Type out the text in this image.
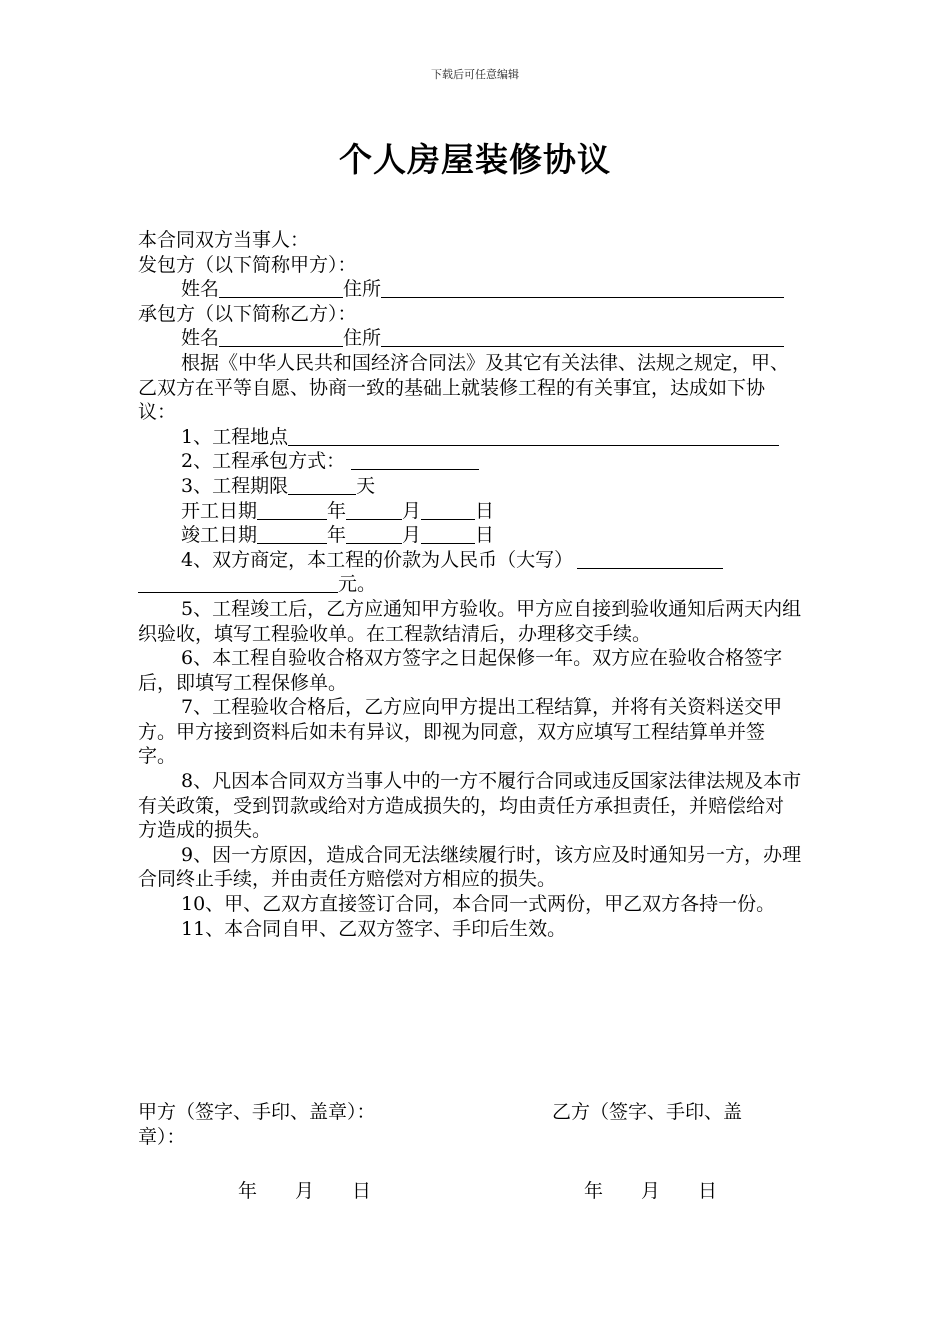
下载后可任意编辑
个人房屋装修协议
本合同双方当事人：
发包方（以下简称甲方）：
姓名	住所
承包方（以下简称乙方）：
姓名	住所
根据《中华人民共和国经济合同法》及其它有关法律、法规之规定，甲、乙双方在平等自愿、协商一致的基础上就装修工程的有关事宜，达成如下协议：
1、工程地点
2、工程承包方式：
3、工程期限	天
开工日期	年	月	日
竣工日期	年	月	日
4、双方商定，本工程的价款为人民币（大写）
元。
5、工程竣工后，乙方应通知甲方验收。甲方应自接到验收通知后两天内组织验收，填写工程验收单。在工程款结清后，办理移交手续。
6、本工程自验收合格双方签字之日起保修一年。双方应在验收合格签字后，即填写工程保修单。
7、工程验收合格后，乙方应向甲方提出工程结算，并将有关资料送交甲方。甲方接到资料后如未有异议，即视为同意，双方应填写工程结算单并签字。
8、凡因本合同双方当事人中的一方不履行合同或违反国家法律法规及本市有关政策，受到罚款或给对方造成损失的，均由责任方承担责任，并赔偿给对方造成的损失。
9、因一方原因，造成合同无法继续履行时，该方应及时通知另一方，办理合同终止手续，并由责任方赔偿对方相应的损失。
10、甲、乙双方直接签订合同，本合同一式两份，甲乙双方各持一份。
11、本合同自甲、乙双方签字、手印后生效。
甲方（签字、手印、盖章）：	乙方（签字、手印、盖
章）：
年 月 日	年 月 日
